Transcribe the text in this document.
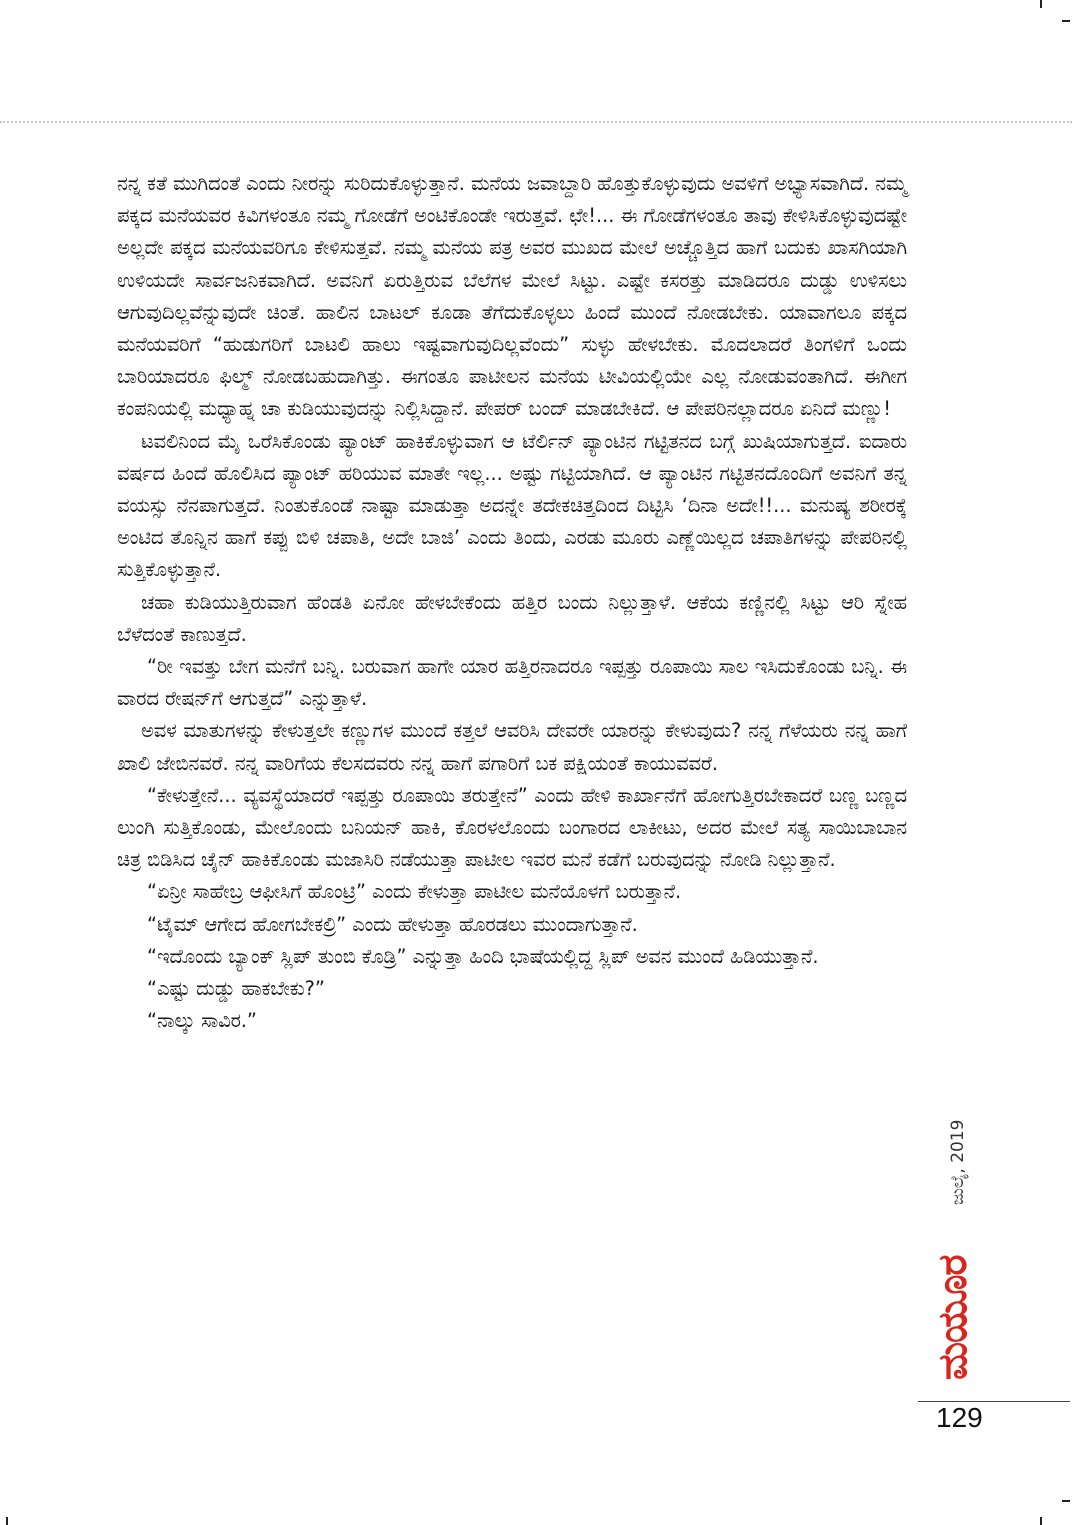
ನನ್ನ ಕತೆ ಮುಗಿದಂತೆ ಎಂದು ನೀರನ್ನು ಸುರಿದುಕೊಳ್ಳುತ್ತಾನೆ. ಮನೆಯ ಜವಾಬ್ದಾರಿ ಹೊತ್ತುಕೊಳ್ಳುವುದು ಅವಳಿಗೆ ಅಭ್ಯಾಸವಾಗಿದೆ. ನಮ್ಮ ಪಕ್ಕದ ಮನೆಯವರ ಕಿವಿಗಳಂತೂ ನಮ್ಮ ಗೋಡೆಗೆ ಅಂಟಿಕೊಂಡೇ ಇರುತ್ತವೆ. ಛೇ!... ಈ ಗೋಡೆಗಳಂತೂ ತಾವು ಕೇಳಿಸಿಕೊಳ್ಳುವುದಷ್ಟೇ ಅಲ್ಲದೇ ಪಕ್ಕದ ಮನೆಯವರಿಗೂ ಕೇಳಿಸುತ್ತವೆ. ನಮ್ಮ ಮನೆಯ ಪತ್ರ ಅವರ ಮುಖದ ಮೇಲೆ ಅಚ್ಚೊತ್ತಿದ ಹಾಗೆ ಬದುಕು ಖಾಸಗಿಯಾಗಿ ಉಳಿಯದೇ ಸಾರ್ವಜನಿಕವಾಗಿದೆ. ಅವನಿಗೆ ಏರುತ್ತಿರುವ ಬೆಲೆಗಳ ಮೇಲೆ ಸಿಟ್ಟು. ಎಷ್ಟೇ ಕಸರತ್ತು ಮಾಡಿದರೂ ದುಡ್ಡು ಉಳಿಸಲು ಆಗುವುದಿಲ್ಲವೆನ್ನುವುದೇ ಚಿಂತೆ. ಹಾಲಿನ ಬಾಟಲ್ ಕೂಡಾ ತೆಗೆದುಕೊಳ್ಳಲು ಹಿಂದೆ ಮುಂದೆ ನೋಡಬೇಕು. ಯಾವಾಗಲೂ ಪಕ್ಕದ ಮನೆಯವರಿಗೆ “ಹುಡುಗರಿಗೆ ಬಾಟಲಿ ಹಾಲು ಇಷ್ಟವಾಗುವುದಿಲ್ಲವೆಂದು” ಸುಳ್ಳು ಹೇಳಬೇಕು. ಮೊದಲಾದರೆ ತಿಂಗಳಿಗೆ ಒಂದು ಬಾರಿಯಾದರೂ ಫಿಲ್ಮ್ ನೋಡಬಹುದಾಗಿತ್ತು. ಈಗಂತೂ ಪಾಟೀಲನ ಮನೆಯ ಟೀವಿಯಲ್ಲಿಯೇ ಎಲ್ಲ ನೋಡುವಂತಾಗಿದೆ. ಈಗೀಗ ಕಂಪನಿಯಲ್ಲಿ ಮಧ್ಯಾಹ್ನ ಚಾ ಕುಡಿಯುವುದನ್ನು ನಿಲ್ಲಿಸಿದ್ದಾನೆ. ಪೇಪರ್ ಬಂದ್ ಮಾಡಬೇಕಿದೆ. ಆ ಪೇಪರಿನಲ್ಲಾದರೂ ಏನಿದೆ ಮಣ್ಣು!

ಟವಲಿನಿಂದ ಮೈ ಒರೆಸಿಕೊಂಡು ಪ್ಯಾಂಟ್ ಹಾಕಿಕೊಳ್ಳುವಾಗ ಆ ಟೆರ್ಲಿನ್ ಪ್ಯಾಂಟಿನ ಗಟ್ಟಿತನದ ಬಗ್ಗೆ ಖುಷಿಯಾಗುತ್ತದೆ. ಐದಾರು ವರ್ಷದ ಹಿಂದೆ ಹೊಲಿಸಿದ ಪ್ಯಾಂಟ್ ಹರಿಯುವ ಮಾತೇ ಇಲ್ಲ... ಅಷ್ಟು ಗಟ್ಟಿಯಾಗಿದೆ. ಆ ಪ್ಯಾಂಟಿನ ಗಟ್ಟಿತನದೊಂದಿಗೆ ಅವನಿಗೆ ತನ್ನ ವಯಸ್ಸು ನೆನಪಾಗುತ್ತದೆ. ನಿಂತುಕೊಂಡೆ ನಾಷ್ಟಾ ಮಾಡುತ್ತಾ ಅದನ್ನೇ ತದೇಕಚಿತ್ತದಿಂದ ದಿಟ್ಟಿಸಿ ‘ದಿನಾ ಅದೇ!!... ಮನುಷ್ಯ ಶರೀರಕ್ಕೆ ಅಂಟಿದ ತೊನ್ನಿನ ಹಾಗೆ ಕಪ್ಪು ಬಿಳಿ ಚಪಾತಿ, ಅದೇ ಬಾಜಿ’ ಎಂದು ತಿಂದು, ಎರಡು ಮೂರು ಎಣ್ಣೆಯಿಲ್ಲದ ಚಪಾತಿಗಳನ್ನು ಪೇಪರಿನಲ್ಲಿ ಸುತ್ತಿಕೊಳ್ಳುತ್ತಾನೆ.

ಚಹಾ ಕುಡಿಯುತ್ತಿರುವಾಗ ಹೆಂಡತಿ ಏನೋ ಹೇಳಬೇಕೆಂದು ಹತ್ತಿರ ಬಂದು ನಿಲ್ಲುತ್ತಾಳೆ. ಆಕೆಯ ಕಣ್ಣಿನಲ್ಲಿ ಸಿಟ್ಟು ಆರಿ ಸ್ನೇಹ ಬೆಳೆದಂತೆ ಕಾಣುತ್ತದೆ.

“ರೀ ಇವತ್ತು ಬೇಗ ಮನೆಗೆ ಬನ್ನಿ. ಬರುವಾಗ ಹಾಗೇ ಯಾರ ಹತ್ತಿರನಾದರೂ ಇಪ್ಪತ್ತು ರೂಪಾಯಿ ಸಾಲ ಇಸಿದುಕೊಂಡು ಬನ್ನಿ. ಈ ವಾರದ ರೇಷನ್‌ಗೆ ಆಗುತ್ತದೆ” ಎನ್ನುತ್ತಾಳೆ.

ಅವಳ ಮಾತುಗಳನ್ನು ಕೇಳುತ್ತಲೇ ಕಣ್ಣುಗಳ ಮುಂದೆ ಕತ್ತಲೆ ಆವರಿಸಿ ದೇವರೇ ಯಾರನ್ನು ಕೇಳುವುದು? ನನ್ನ ಗೆಳೆಯರು ನನ್ನ ಹಾಗೆ ಖಾಲಿ ಜೇಬಿನವರೆ. ನನ್ನ ವಾರಿಗೆಯ ಕೆಲಸದವರು ನನ್ನ ಹಾಗೆ ಪಗಾರಿಗೆ ಬಕ ಪಕ್ಷಿಯಂತೆ ಕಾಯುವವರೆ.

“ಕೇಳುತ್ತೇನೆ... ವ್ಯವಸ್ಥೆಯಾದರೆ ಇಪ್ಪತ್ತು ರೂಪಾಯಿ ತರುತ್ತೇನೆ” ಎಂದು ಹೇಳಿ ಕಾರ್ಖಾನೆಗೆ ಹೋಗುತ್ತಿರಬೇಕಾದರೆ ಬಣ್ಣ ಬಣ್ಣದ ಲುಂಗಿ ಸುತ್ತಿಕೊಂಡು, ಮೇಲೊಂದು ಬನಿಯನ್ ಹಾಕಿ, ಕೊರಳಲೊಂದು ಬಂಗಾರದ ಲಾಕೀಟು, ಅದರ ಮೇಲೆ ಸತ್ಯ ಸಾಯಿಬಾಬಾನ ಚಿತ್ರ ಬಿಡಿಸಿದ ಚೈನ್ ಹಾಕಿಕೊಂಡು ಮಜಾಸಿರಿ ನಡೆಯುತ್ತಾ ಪಾಟೀಲ ಇವರ ಮನೆ ಕಡೆಗೆ ಬರುವುದನ್ನು ನೋಡಿ ನಿಲ್ಲುತ್ತಾನೆ.

“ಏನ್ರೀ ಸಾಹೇಬ್ರ ಆಫೀಸಿಗೆ ಹೊಂಟ್ರಿ” ಎಂದು ಕೇಳುತ್ತಾ ಪಾಟೀಲ ಮನೆಯೊಳಗೆ ಬರುತ್ತಾನೆ.

“ಟೈಮ್ ಆಗೇದ ಹೋಗಬೇಕಲ್ರಿ” ಎಂದು ಹೇಳುತ್ತಾ ಹೊರಡಲು ಮುಂದಾಗುತ್ತಾನೆ.

“ಇದೊಂದು ಬ್ಯಾಂಕ್ ಸ್ಲಿಪ್ ತುಂಬಿ ಕೊಡ್ರಿ” ಎನ್ನುತ್ತಾ ಹಿಂದಿ ಭಾಷೆಯಲ್ಲಿದ್ದ ಸ್ಲಿಪ್ ಅವನ ಮುಂದೆ ಹಿಡಿಯುತ್ತಾನೆ.

“ಎಷ್ಟು ದುಡ್ಡು ಹಾಕಬೇಕು?”

“ನಾಲ್ಕು ಸಾವಿರ.”

ಜುಲೈ, 2019
ಮಯೂರ
129
